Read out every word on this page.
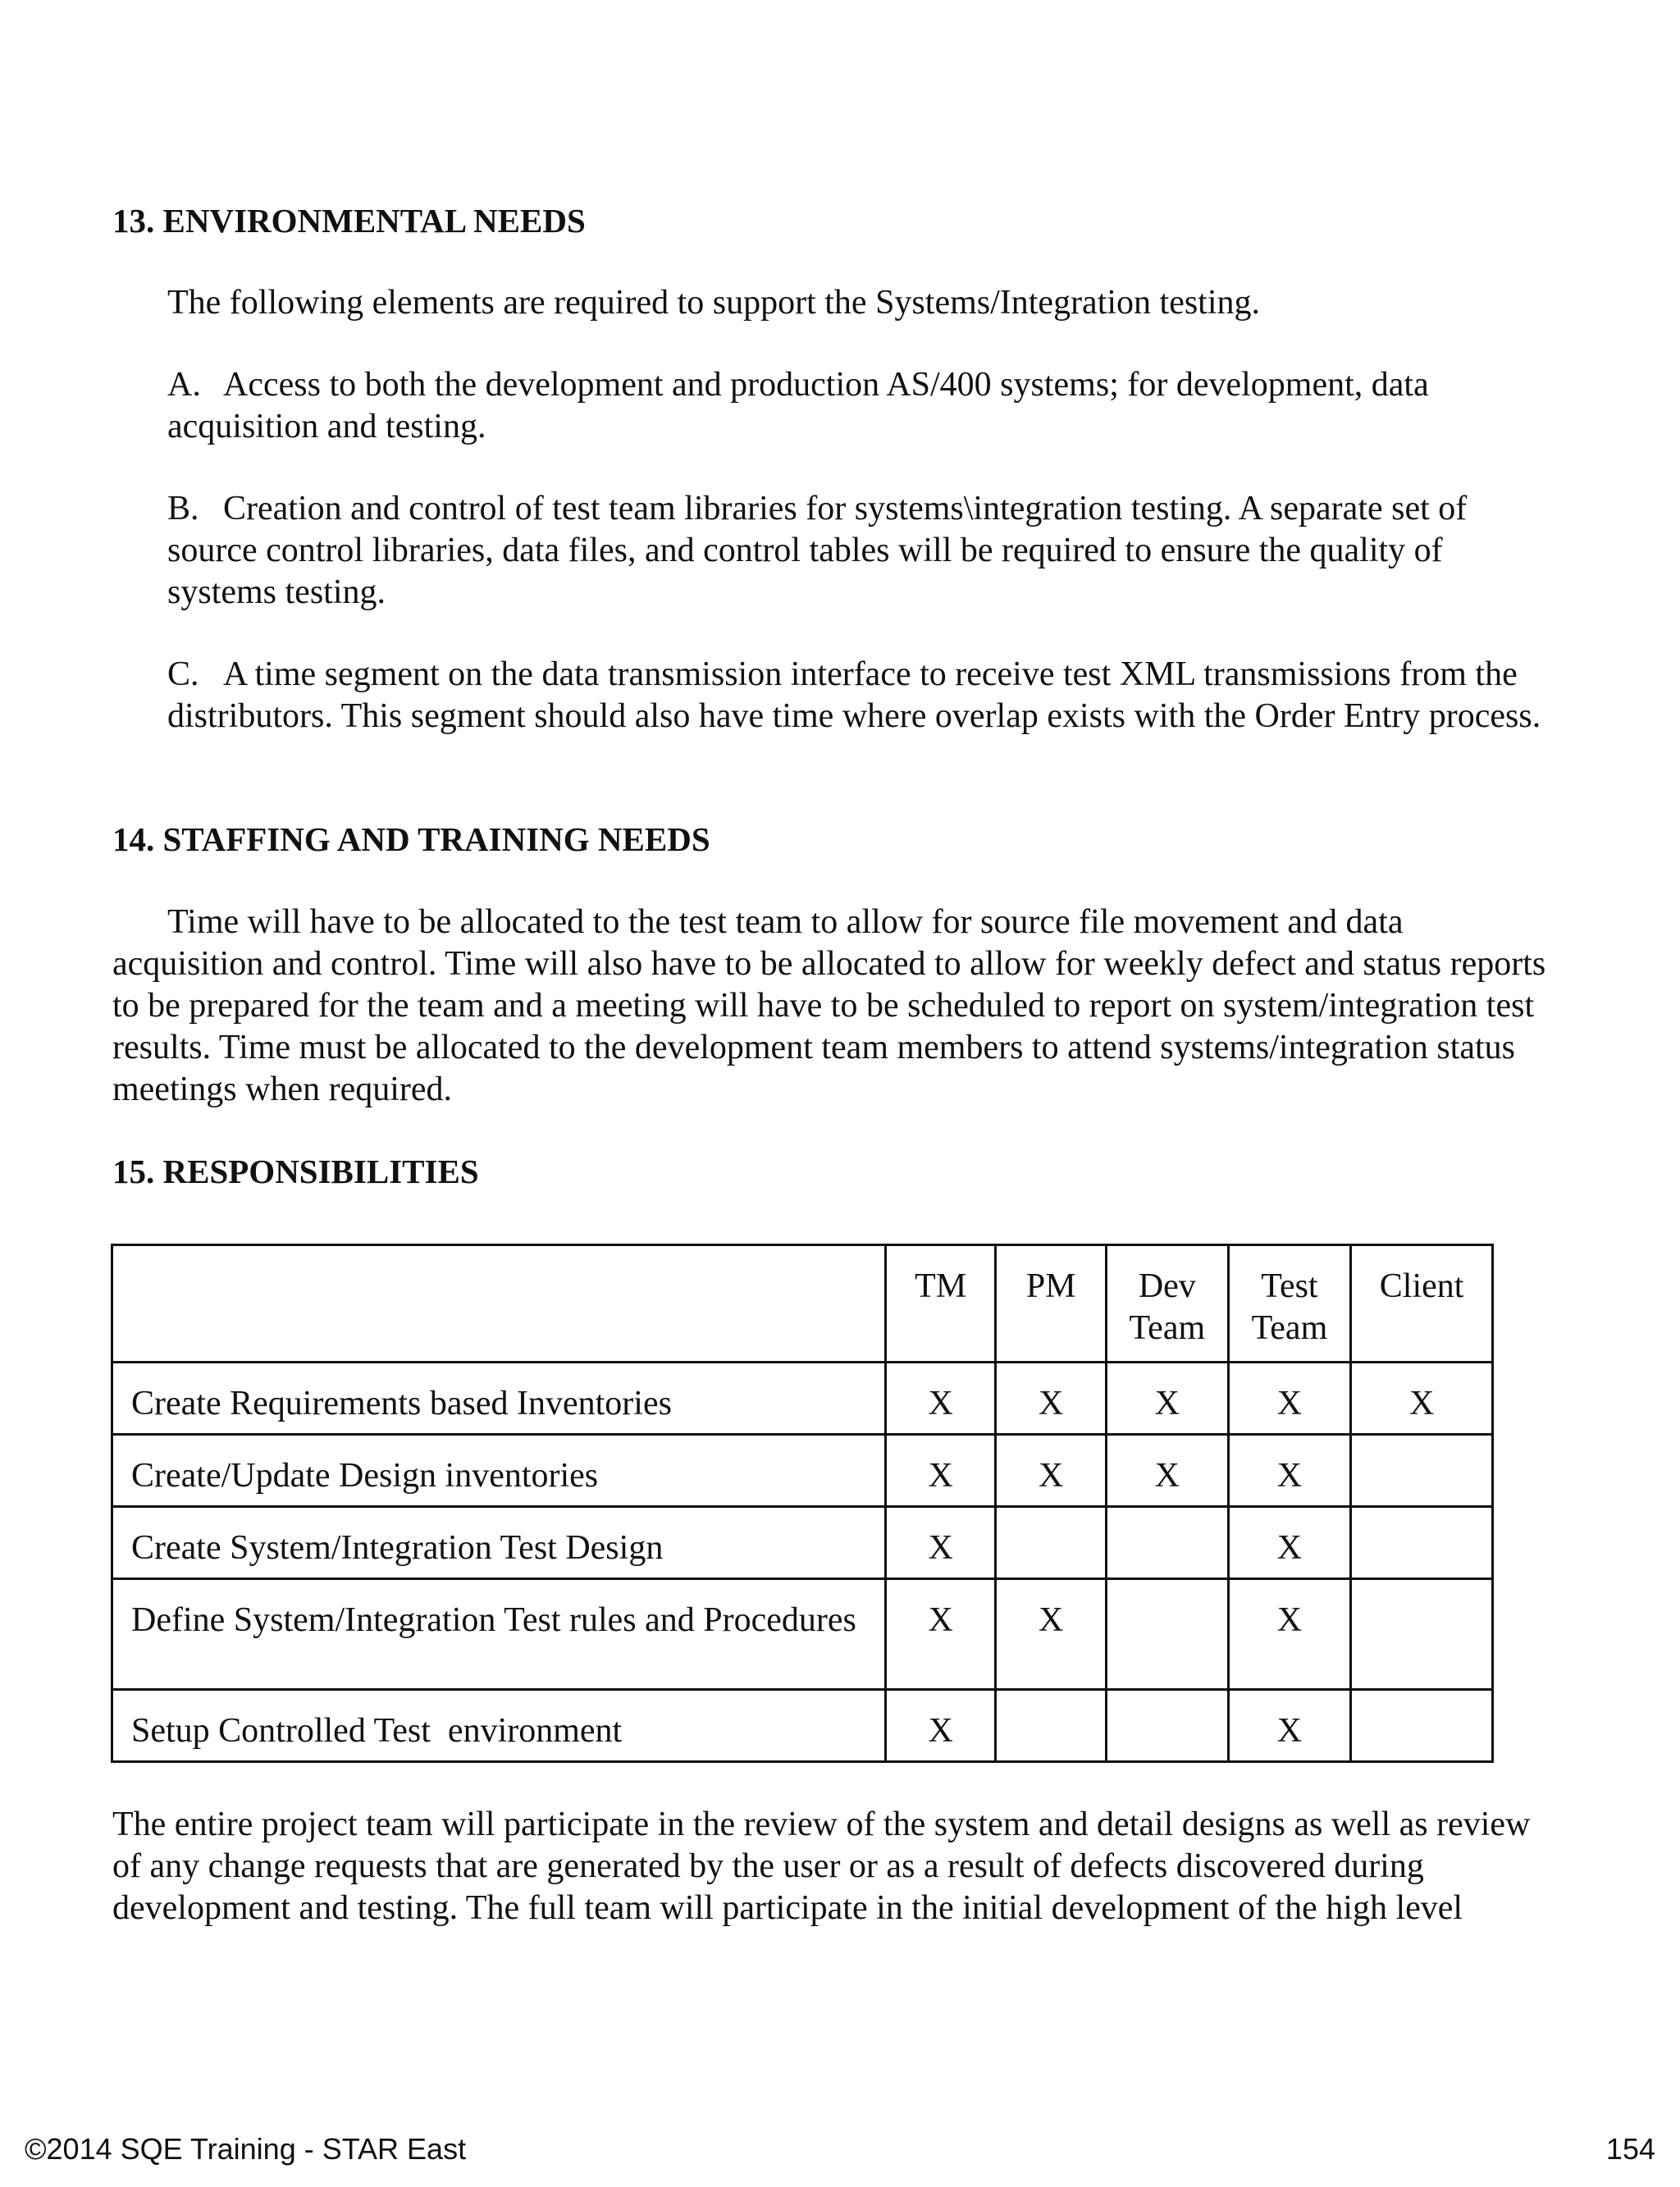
13. ENVIRONMENTAL NEEDS

The following elements are required to support the Systems/Integration testing.

A. Access to both the development and production AS/400 systems; for development, data acquisition and testing.

B. Creation and control of test team libraries for systems\integration testing. A separate set of source control libraries, data files, and control tables will be required to ensure the quality of systems testing.

C. A time segment on the data transmission interface to receive test XML transmissions from the distributors. This segment should also have time where overlap exists with the Order Entry process.

14. STAFFING AND TRAINING NEEDS

Time will have to be allocated to the test team to allow for source file movement and data acquisition and control. Time will also have to be allocated to allow for weekly defect and status reports to be prepared for the team and a meeting will have to be scheduled to report on system/integration test results. Time must be allocated to the development team members to attend systems/integration status meetings when required.

15. RESPONSIBILITIES
	TM	PM	Dev Team	Test Team	Client
Create Requirements based Inventories	X	X	X	X	X
Create/Update Design inventories	X	X	X	X	
Create System/Integration Test Design	X			X	
Define System/Integration Test rules and Procedures	X	X		X	
Setup Controlled Test  environment	X			X	

The entire project team will participate in the review of the system and detail designs as well as review of any change requests that are generated by the user or as a result of defects discovered during development and testing. The full team will participate in the initial development of the high level

©2014 SQE Training - STAR East	154
